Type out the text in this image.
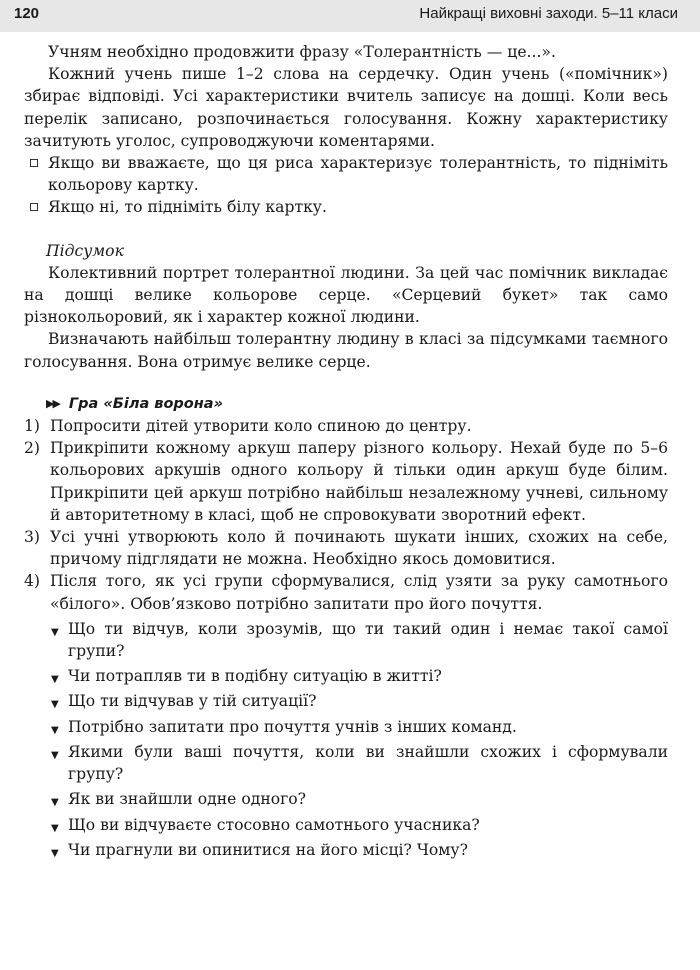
120	Найкращі виховні заходи. 5–11 класи

Учням необхідно продовжити фразу «Толерантність — це...».

Кожний учень пише 1–2 слова на сердечку. Один учень («помічник») збирає відповіді. Усі характеристики вчитель записує на дошці. Коли весь перелік записано, розпочинається голосування. Кожну характеристику зачитують уголос, супроводжуючи коментарями.

Якщо ви вважаєте, що ця риса характеризує толерантність, то підніміть кольорову картку.
Якщо ні, то підніміть білу картку.
Підсумок

Колективний портрет толерантної людини. За цей час помічник викладає на дошці велике кольорове серце. «Серцевий букет» так само різнокольоровий, як і характер кожної людини.

Визначають найбільш толерантну людину в класі за підсумками таємного голосування. Вона отримує велике серце.

▶▶ Гра «Біла ворона»
1) Попросити дітей утворити коло спиною до центру.
2) Прикріпити кожному аркуш паперу різного кольору. Нехай буде по 5–6 кольорових аркушів одного кольору й тільки один аркуш буде білим. Прикріпити цей аркуш потрібно найбільш незалежному учневі, сильному й авторитетному в класі, щоб не спровокувати зворотний ефект.
3) Усі учні утворюють коло й починають шукати інших, схожих на себе, причому підглядати не можна. Необхідно якось домовитися.
4) Після того, як усі групи сформувалися, слід узяти за руку самотнього «білого». Обов’язково потрібно запитати про його почуття.
▼ Що ти відчув, коли зрозумів, що ти такий один і немає такої самої групи?
▼ Чи потрапляв ти в подібну ситуацію в житті?
▼ Що ти відчував у тій ситуації?
▼ Потрібно запитати про почуття учнів з інших команд.
▼ Якими були ваші почуття, коли ви знайшли схожих і сформували групу?
▼ Як ви знайшли одне одного?
▼ Що ви відчуваєте стосовно самотнього учасника?
▼ Чи прагнули ви опинитися на його місці? Чому?
